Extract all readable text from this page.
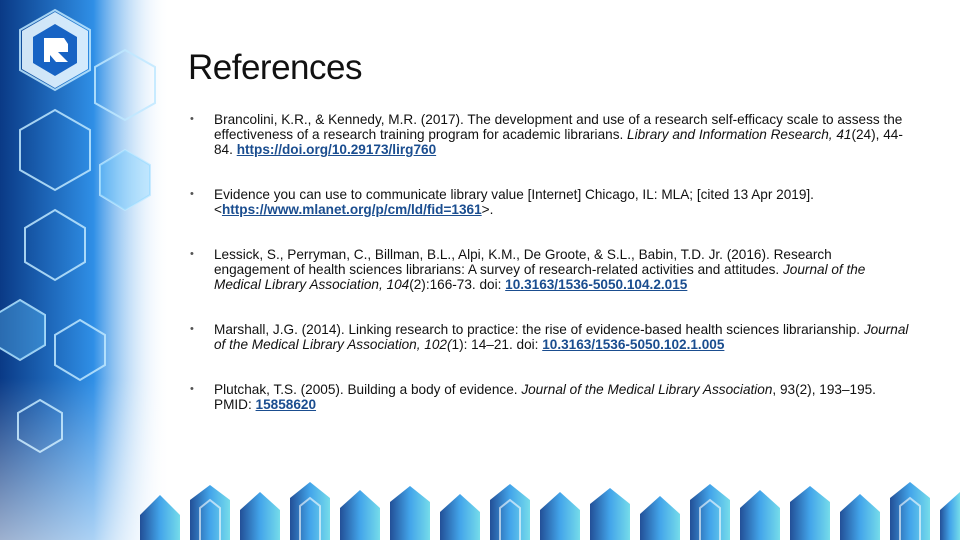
References
• Brancolini, K.R., & Kennedy, M.R. (2017). The development and use of a research self-efficacy scale to assess the effectiveness of a research training program for academic librarians. Library and Information Research, 41(24), 44-84. https://doi.org/10.29173/lirg760
• Evidence you can use to communicate library value [Internet] Chicago, IL: MLA; [cited 13 Apr 2019]. <https://www.mlanet.org/p/cm/ld/fid=1361>.
• Lessick, S., Perryman, C., Billman, B.L., Alpi, K.M., De Groote, & S.L., Babin, T.D. Jr. (2016). Research engagement of health sciences librarians: A survey of research-related activities and attitudes. Journal of the Medical Library Association, 104(2):166-73. doi: 10.3163/1536-5050.104.2.015
• Marshall, J.G. (2014). Linking research to practice: the rise of evidence-based health sciences librarianship. Journal of the Medical Library Association, 102(1): 14–21. doi: 10.3163/1536-5050.102.1.005
• Plutchak, T.S. (2005). Building a body of evidence. Journal of the Medical Library Association, 93(2), 193–195. PMID: 15858620
